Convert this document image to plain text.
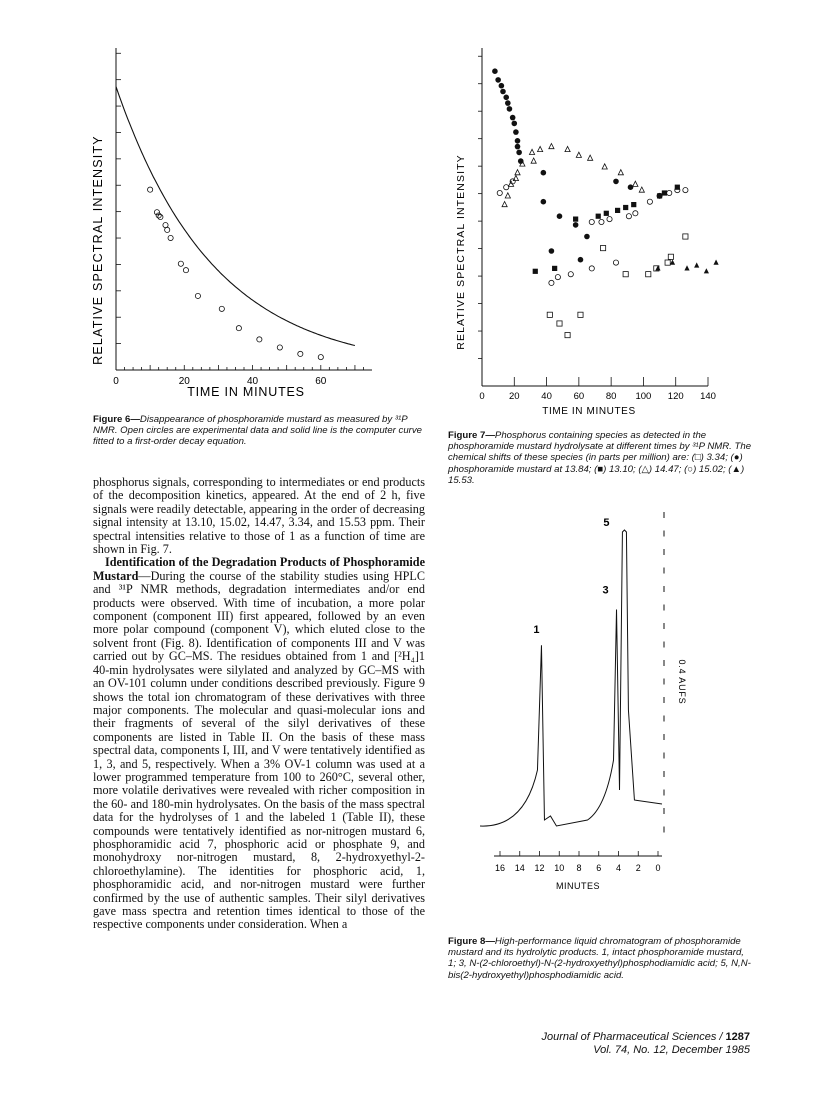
0	20	40	60
RELATIVE SPECTRAL INTENSITY
TIME IN MINUTES
Figure 6—Disappearance of phosphoramide mustard as measured by ³¹P NMR. Open circles are experimental data and solid line is the computer curve fitted to a first-order decay equation.
0	20 40 60 80 100 120 140
RELATIVE SPECTRAL INTENSITY
TIME IN MINUTES
Figure 7—Phosphorus containing species as detected in the phosphoramide mustard hydrolysate at different times by ³¹P NMR. The chemical shifts of these species (in parts per million) are: (□) 3.34; (●) phosphoramide mustard at 13.84; (■) 13.10; (△) 14.47; (○) 15.02; (▲) 15.53.
16 14 12 10 8 6 4 2 0
1
3
5
0.4 AUFS
MINUTES
Figure 8—High-performance liquid chromatogram of phosphoramide mustard and its hydrolytic products. 1, intact phosphoramide mustard, 1; 3, N-(2-chloroethyl)-N-(2-hydroxyethyl)phosphodiamidic acid; 5, N,N-bis(2-hydroxyethyl)phosphodiamidic acid.

phosphorus signals, corresponding to intermediates or end products of the decomposition kinetics, appeared. At the end of 2 h, five signals were readily detectable, appearing in the order of decreasing signal intensity at 13.10, 15.02, 14.47, 3.34, and 15.53 ppm. Their spectral intensities relative to those of 1 as a function of time are shown in Fig. 7.

Identification of the Degradation Products of Phosphoramide Mustard—During the course of the stability studies using HPLC and ³¹P NMR methods, degradation intermediates and/or end products were observed. With time of incubation, a more polar component (component III) first appeared, followed by an even more polar compound (component V), which eluted close to the solvent front (Fig. 8). Identification of components III and V was carried out by GC–MS. The residues obtained from 1 and [²H₄]1 40-min hydrolysates were silylated and analyzed by GC–MS with an OV-101 column under conditions described previously. Figure 9 shows the total ion chromatogram of these derivatives with three major components. The molecular and quasi-molecular ions and their fragments of several of the silyl derivatives of these components are listed in Table II. On the basis of these mass spectral data, components I, III, and V were tentatively identified as 1, 3, and 5, respectively. When a 3% OV-1 column was used at a lower programmed temperature from 100 to 260°C, several other, more volatile derivatives were revealed with richer composition in the 60- and 180-min hydrolysates. On the basis of the mass spectral data for the hydrolyses of 1 and the labeled 1 (Table II), these compounds were tentatively identified as nor-nitrogen mustard 6, phosphoramidic acid 7, phosphoric acid or phosphate 9, and monohydroxy nor-nitrogen mustard, 8, 2-hydroxyethyl-2-chloroethylamine). The identities for phosphoric acid, 1, phosphoramidic acid, and nor-nitrogen mustard were further confirmed by the use of authentic samples. Their silyl derivatives gave mass spectra and retention times identical to those of the respective components under consideration. When a

Journal of Pharmaceutical Sciences / 1287
Vol. 74, No. 12, December 1985
